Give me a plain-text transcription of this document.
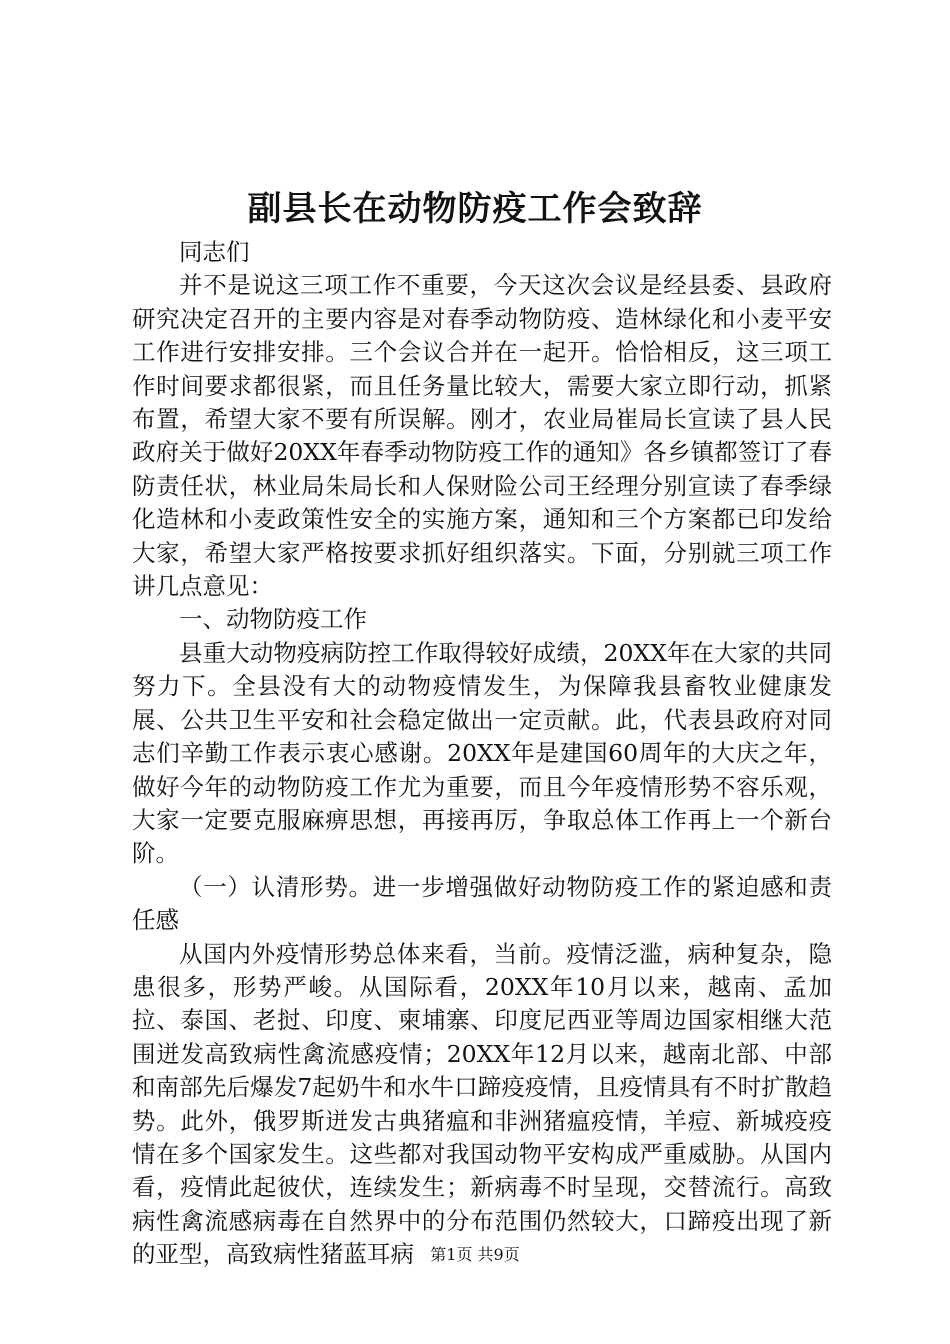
副县长在动物防疫工作会致辞

同志们

并不是说这三项工作不重要，今天这次会议是经县委、县政府研究决定召开的主要内容是对春季动物防疫、造林绿化和小麦平安工作进行安排安排。三个会议合并在一起开。恰恰相反，这三项工作时间要求都很紧，而且任务量比较大，需要大家立即行动，抓紧布置，希望大家不要有所误解。刚才，农业局崔局长宣读了县人民政府关于做好20XX年春季动物防疫工作的通知》各乡镇都签订了春防责任状，林业局朱局长和人保财险公司王经理分别宣读了春季绿化造林和小麦政策性安全的实施方案，通知和三个方案都已印发给大家，希望大家严格按要求抓好组织落实。下面，分别就三项工作讲几点意见：

一、动物防疫工作

县重大动物疫病防控工作取得较好成绩，20XX年在大家的共同努力下。全县没有大的动物疫情发生，为保障我县畜牧业健康发展、公共卫生平安和社会稳定做出一定贡献。此，代表县政府对同志们辛勤工作表示衷心感谢。20XX年是建国60周年的大庆之年，做好今年的动物防疫工作尤为重要，而且今年疫情形势不容乐观，大家一定要克服麻痹思想，再接再厉，争取总体工作再上一个新台阶。

（一）认清形势。进一步增强做好动物防疫工作的紧迫感和责任感

从国内外疫情形势总体来看，当前。疫情泛滥，病种复杂，隐患很多，形势严峻。从国际看，20XX年10月以来，越南、孟加拉、泰国、老挝、印度、柬埔寨、印度尼西亚等周边国家相继大范围迸发高致病性禽流感疫情；20XX年12月以来，越南北部、中部和南部先后爆发7起奶牛和水牛口蹄疫疫情，且疫情具有不时扩散趋势。此外，俄罗斯迸发古典猪瘟和非洲猪瘟疫情，羊痘、新城疫疫情在多个国家发生。这些都对我国动物平安构成严重威胁。从国内看，疫情此起彼伏，连续发生；新病毒不时呈现，交替流行。高致病性禽流感病毒在自然界中的分布范围仍然较大，口蹄疫出现了新的亚型，高致病性猪蓝耳病	第1页 共9页
